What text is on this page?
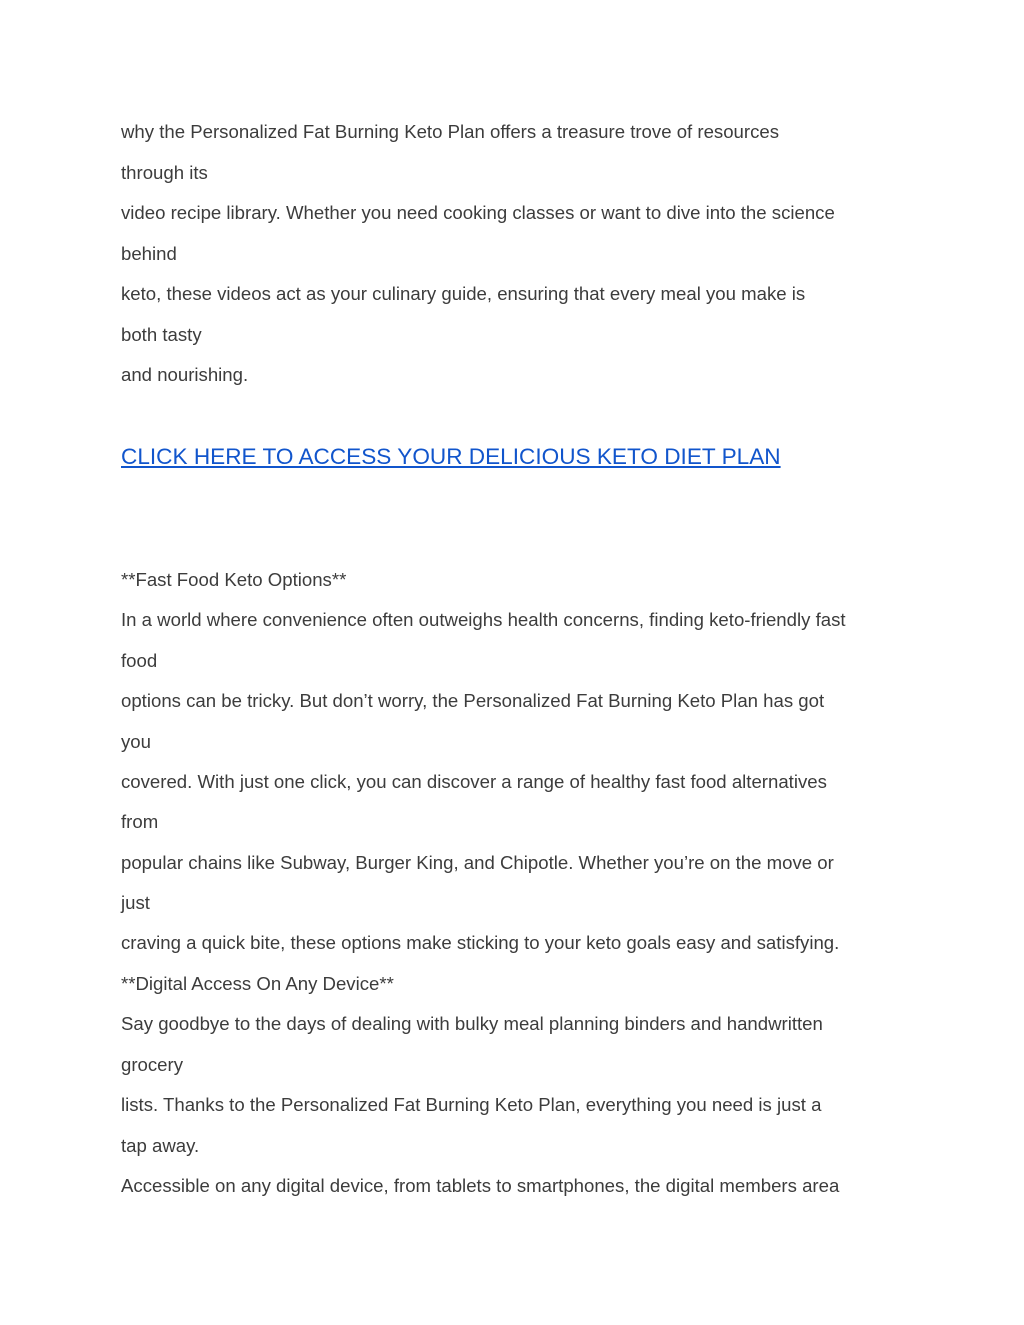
why the Personalized Fat Burning Keto Plan offers a treasure trove of resources
through its
video recipe library. Whether you need cooking classes or want to dive into the science
behind
keto, these videos act as your culinary guide, ensuring that every meal you make is
both tasty
and nourishing.
CLICK HERE TO ACCESS YOUR DELICIOUS KETO DIET PLAN
**Fast Food Keto Options**
In a world where convenience often outweighs health concerns, finding keto-friendly fast
food
options can be tricky. But don’t worry, the Personalized Fat Burning Keto Plan has got
you
covered. With just one click, you can discover a range of healthy fast food alternatives
from
popular chains like Subway, Burger King, and Chipotle. Whether you’re on the move or
just
craving a quick bite, these options make sticking to your keto goals easy and satisfying.
**Digital Access On Any Device**
Say goodbye to the days of dealing with bulky meal planning binders and handwritten
grocery
lists. Thanks to the Personalized Fat Burning Keto Plan, everything you need is just a
tap away.
Accessible on any digital device, from tablets to smartphones, the digital members area
